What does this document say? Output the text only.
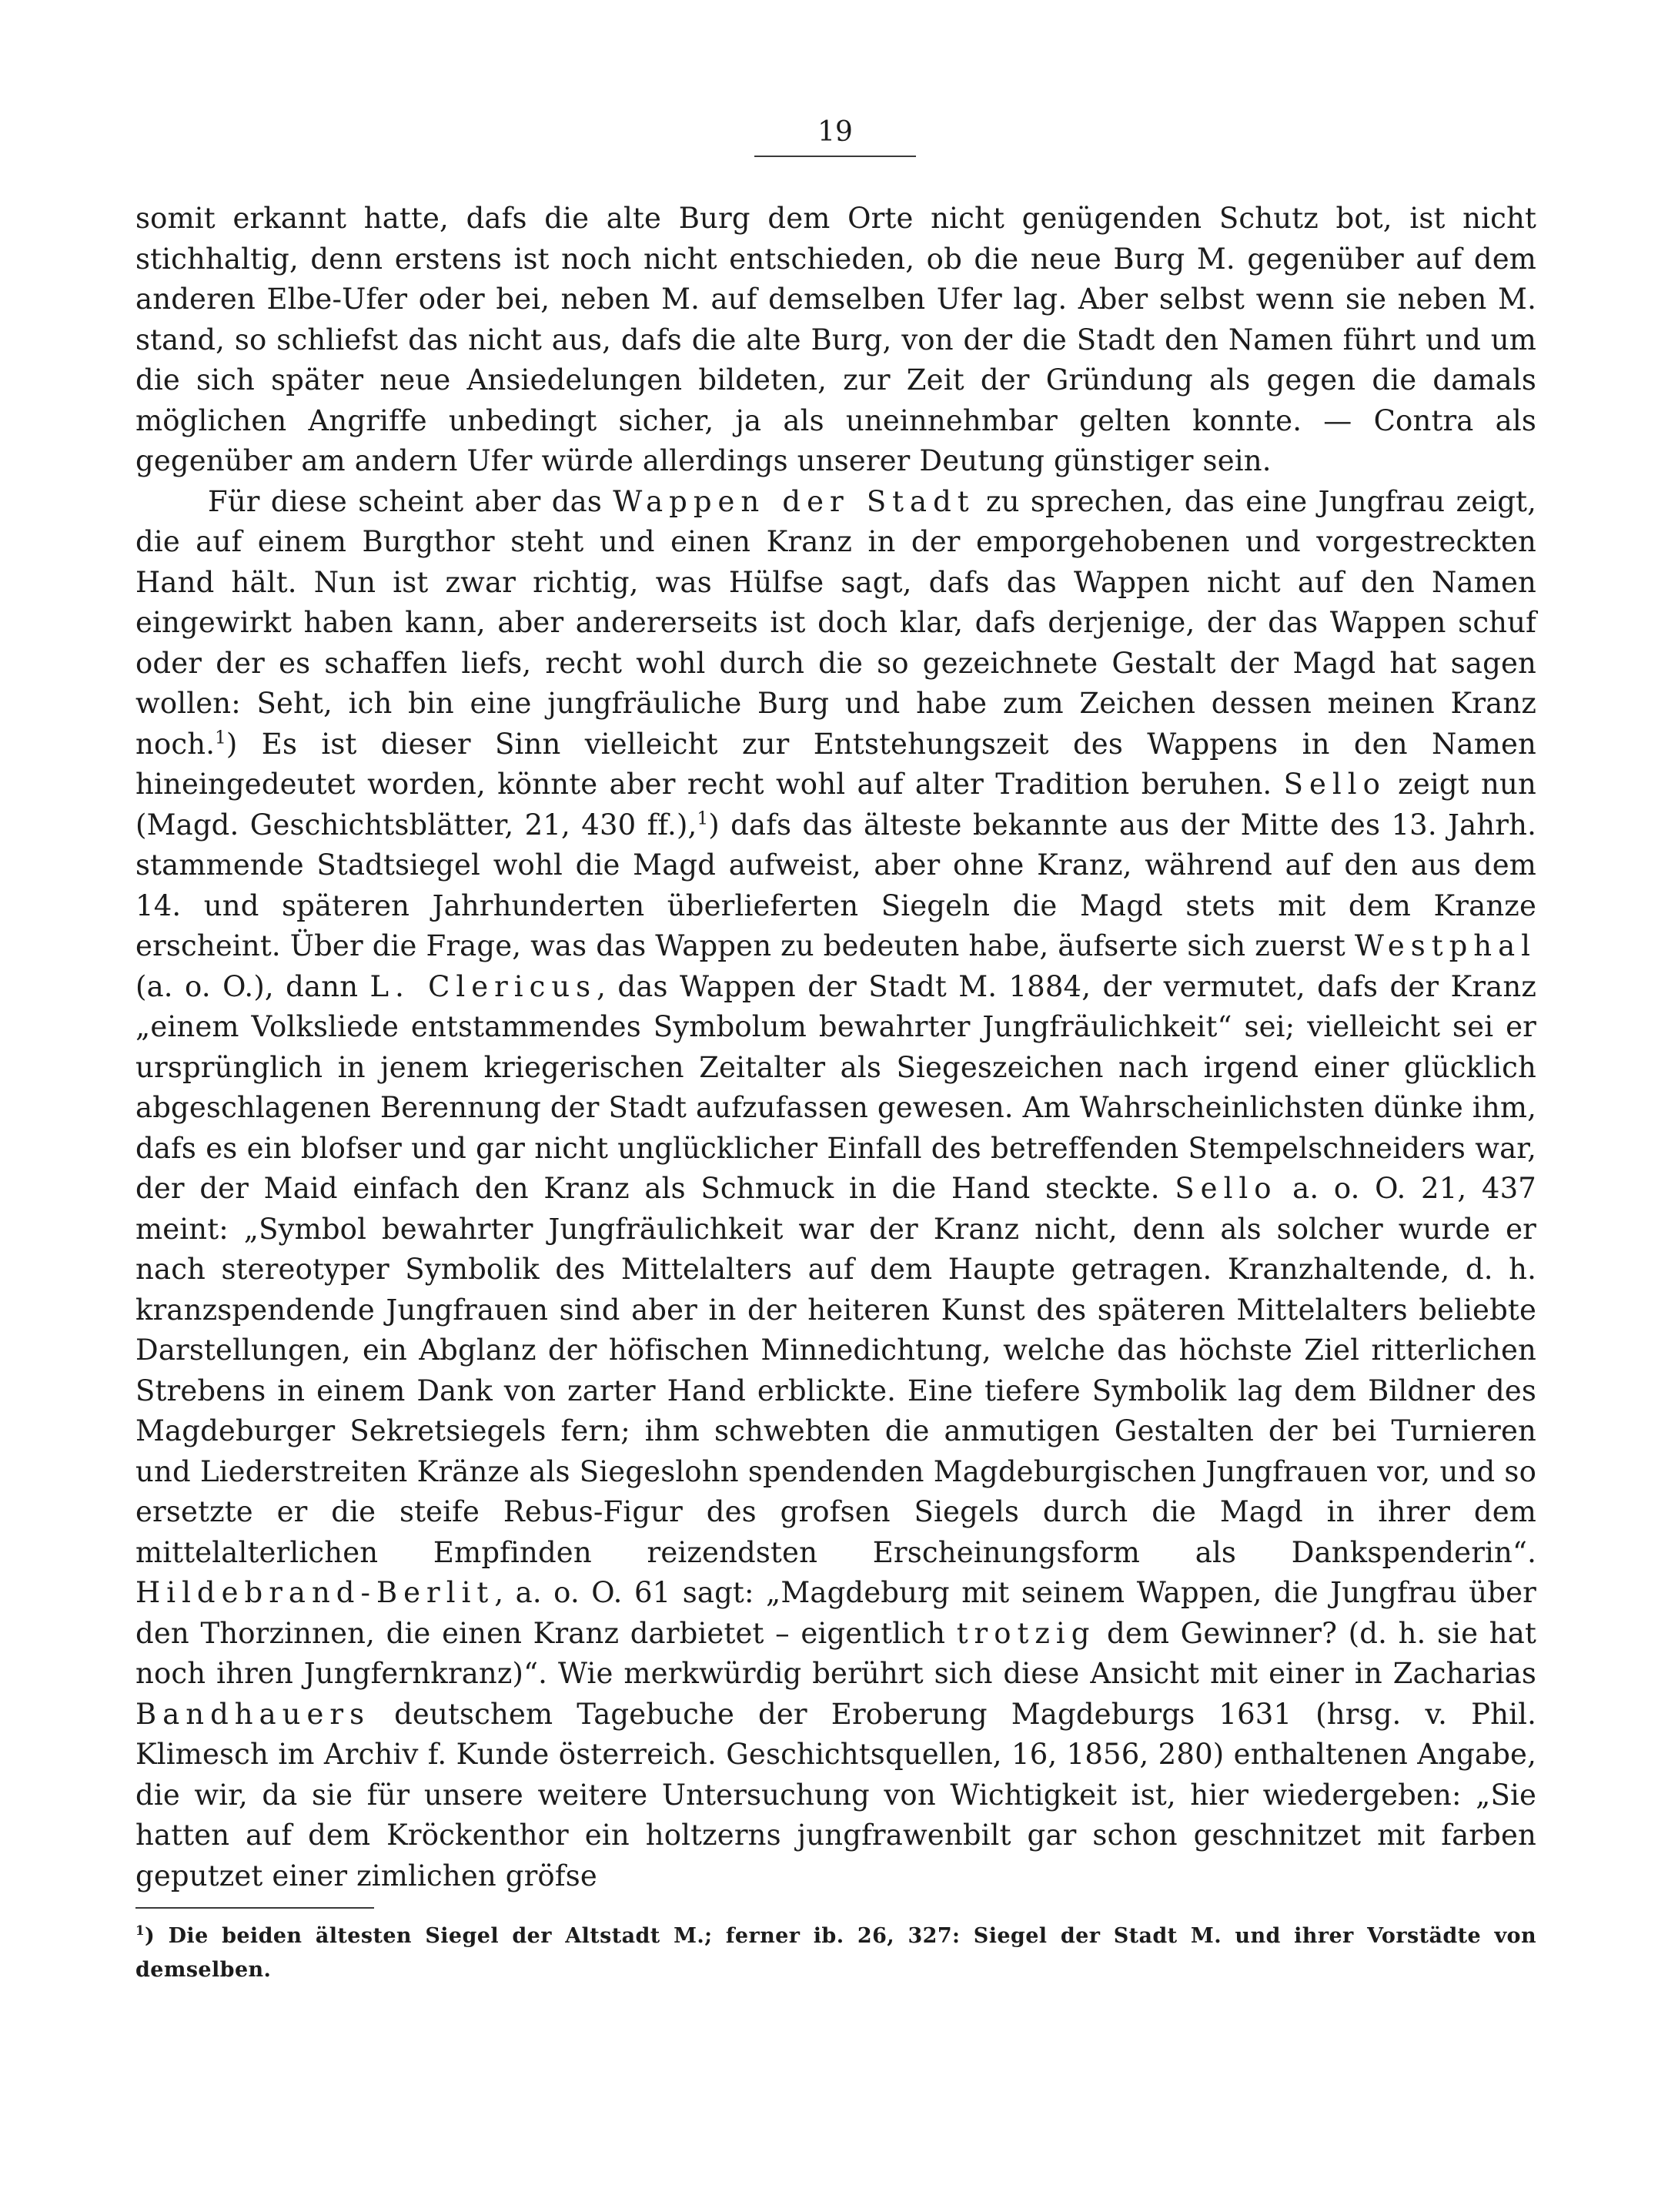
19

somit erkannt hatte, dafs die alte Burg dem Orte nicht genügenden Schutz bot, ist nicht stichhaltig, denn erstens ist noch nicht entschieden, ob die neue Burg M. gegenüber auf dem anderen Elbe-Ufer oder bei, neben M. auf demselben Ufer lag. Aber selbst wenn sie neben M. stand, so schliefst das nicht aus, dafs die alte Burg, von der die Stadt den Namen führt und um die sich später neue Ansiedelungen bildeten, zur Zeit der Gründung als gegen die damals möglichen Angriffe unbedingt sicher, ja als uneinnehmbar gelten konnte. — Contra als gegenüber am andern Ufer würde allerdings unserer Deutung günstiger sein.

Für diese scheint aber das Wappen der Stadt zu sprechen, das eine Jungfrau zeigt, die auf einem Burgthor steht und einen Kranz in der emporgehobenen und vorgestreckten Hand hält. Nun ist zwar richtig, was Hülfse sagt, dafs das Wappen nicht auf den Namen eingewirkt haben kann, aber andererseits ist doch klar, dafs derjenige, der das Wappen schuf oder der es schaffen liefs, recht wohl durch die so gezeichnete Gestalt der Magd hat sagen wollen: Seht, ich bin eine jungfräuliche Burg und habe zum Zeichen dessen meinen Kranz noch.$^1$) Es ist dieser Sinn vielleicht zur Entstehungszeit des Wappens in den Namen hineingedeutet worden, könnte aber recht wohl auf alter Tradition beruhen. Sello zeigt nun (Magd. Geschichtsblätter, 21, 430 ff.),$^1$) dafs das älteste bekannte aus der Mitte des 13. Jahrh. stammende Stadtsiegel wohl die Magd aufweist, aber ohne Kranz, während auf den aus dem 14. und späteren Jahrhunderten überlieferten Siegeln die Magd stets mit dem Kranze erscheint. Über die Frage, was das Wappen zu bedeuten habe, äufserte sich zuerst Westphal (a. o. O.), dann L. Clericus, das Wappen der Stadt M. 1884, der vermutet, dafs der Kranz „einem Volksliede entstammendes Symbolum bewahrter Jungfräulichkeit“ sei; vielleicht sei er ursprünglich in jenem kriegerischen Zeitalter als Siegeszeichen nach irgend einer glücklich abgeschlagenen Berennung der Stadt aufzufassen gewesen. Am Wahrscheinlichsten dünke ihm, dafs es ein blofser und gar nicht unglücklicher Einfall des betreffenden Stempelschneiders war, der der Maid einfach den Kranz als Schmuck in die Hand steckte. Sello a. o. O. 21, 437 meint: „Symbol bewahrter Jungfräulichkeit war der Kranz nicht, denn als solcher wurde er nach stereotyper Symbolik des Mittelalters auf dem Haupte getragen. Kranzhaltende, d. h. kranzspendende Jungfrauen sind aber in der heiteren Kunst des späteren Mittelalters beliebte Darstellungen, ein Abglanz der höfischen Minnedichtung, welche das höchste Ziel ritterlichen Strebens in einem Dank von zarter Hand erblickte. Eine tiefere Symbolik lag dem Bildner des Magdeburger Sekretsiegels fern; ihm schwebten die anmutigen Gestalten der bei Turnieren und Liederstreiten Kränze als Siegeslohn spendenden Magdeburgischen Jungfrauen vor, und so ersetzte er die steife Rebus-Figur des grofsen Siegels durch die Magd in ihrer dem mittelalterlichen Empfinden reizendsten Erscheinungsform als Dankspenderin“. Hildebrand-Berlit, a. o. O. 61 sagt: „Magdeburg mit seinem Wappen, die Jungfrau über den Thorzinnen, die einen Kranz darbietet – eigentlich trotzig dem Gewinner? (d. h. sie hat noch ihren Jungfernkranz)“. Wie merkwürdig berührt sich diese Ansicht mit einer in Zacharias Bandhauers deutschem Tagebuche der Eroberung Magdeburgs 1631 (hrsg. v. Phil. Klimesch im Archiv f. Kunde österreich. Geschichtsquellen, 16, 1856, 280) enthaltenen Angabe, die wir, da sie für unsere weitere Untersuchung von Wichtigkeit ist, hier wiedergeben: „Sie hatten auf dem Kröckenthor ein holtzerns jungfrawenbilt gar schon geschnitzet mit farben geputzet einer zimlichen gröfse

$^1$) Die beiden ältesten Siegel der Altstadt M.; ferner ib. 26, 327: Siegel der Stadt M. und ihrer Vorstädte von demselben.
